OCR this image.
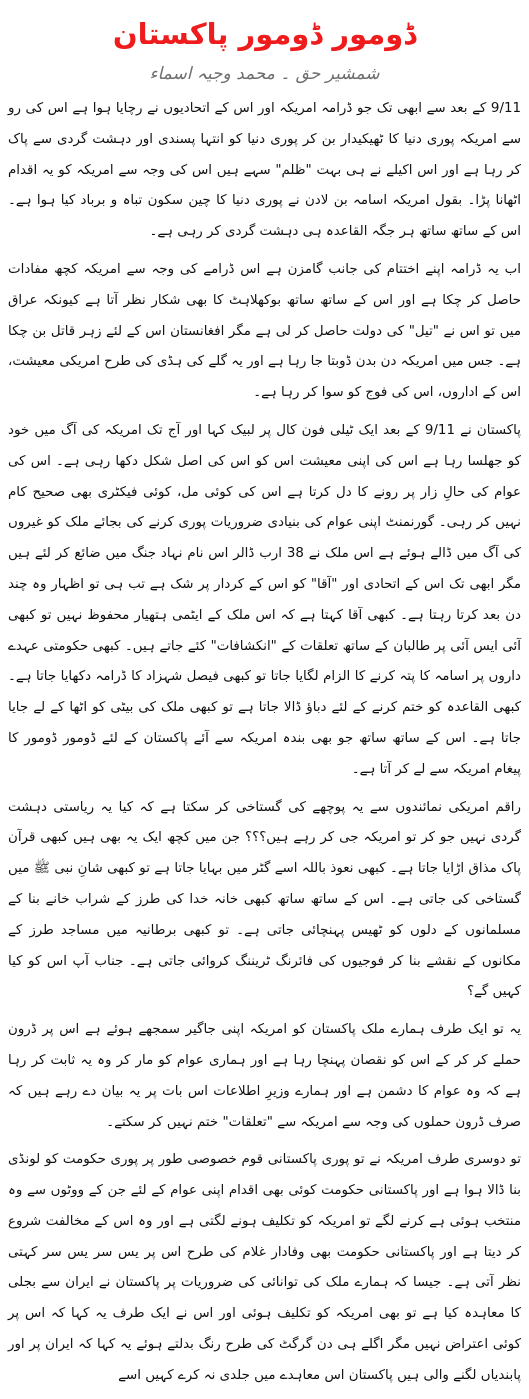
ڈومور ڈومور پاکستان
شمشیر حق ۔ محمد وجیہ اسماء

9/11 کے بعد سے ابھی تک جو ڈرامہ امریکہ اور اس کے اتحادیوں نے رچایا ہوا ہے اس کی رو سے امریکہ پوری دنیا کا ٹھیکیدار بن کر پوری دنیا کو انتہا پسندی اور دہشت گردی سے پاک کر رہا ہے اور اس اکیلے نے ہی بہت "ظلم" سہے ہیں اس کی وجہ سے امریکہ کو یہ اقدام اٹھانا پڑا۔ بقول امریکہ اسامہ بن لادن نے پوری دنیا کا چین سکون تباہ و برباد کیا ہوا ہے۔ اس کے ساتھ ساتھ ہر جگہ القاعدہ ہی دہشت گردی کر رہی ہے۔

اب یہ ڈرامہ اپنے اختتام کی جانب گامزن ہے اس ڈرامے کی وجہ سے امریکہ کچھ مفادات حاصل کر چکا ہے اور اس کے ساتھ ساتھ بوکھلاہٹ کا بھی شکار نظر آتا ہے کیونکہ عراق میں تو اس نے "تیل" کی دولت حاصل کر لی ہے مگر افغانستان اس کے لئے زہر قاتل بن چکا ہے۔ جس میں امریکہ دن بدن ڈوبتا جا رہا ہے اور یہ گلے کی ہڈی کی طرح امریکی معیشت، اس کے اداروں، اس کی فوج کو سوا کر رہا ہے۔

پاکستان نے 9/11 کے بعد ایک ٹیلی فون کال پر لبیک کہا اور آج تک امریکہ کی آگ میں خود کو جھلسا رہا ہے اس کی اپنی معیشت اس کو اس کی اصل شکل دکھا رہی ہے۔ اس کی عوام کی حالِ زار پر رونے کا دل کرتا ہے اس کی کوئی مل، کوئی فیکٹری بھی صحیح کام نہیں کر رہی۔ گورنمنٹ اپنی عوام کی بنیادی ضروریات پوری کرنے کی بجائے ملک کو غیروں کی آگ میں ڈالے ہوئے ہے اس ملک نے 38 ارب ڈالر اس نام نہاد جنگ میں ضائع کر لئے ہیں مگر ابھی تک اس کے اتحادی اور "آقا" کو اس کے کردار پر شک ہے تب ہی تو اظہار وہ چند دن بعد کرتا رہتا ہے۔ کبھی آقا کہتا ہے کہ اس ملک کے ایٹمی ہتھیار محفوظ نہیں تو کبھی آئی ایس آئی پر طالبان کے ساتھ تعلقات کے "انکشافات" کئے جاتے ہیں۔ کبھی حکومتی عہدے داروں پر اسامہ کا پتہ کرنے کا الزام لگایا جاتا تو کبھی فیصل شہزاد کا ڈرامہ دکھایا جاتا ہے۔ کبھی القاعدہ کو ختم کرنے کے لئے دباؤ ڈالا جاتا ہے تو کبھی ملک کی بیٹی کو اٹھا کے لے جایا جاتا ہے۔ اس کے ساتھ ساتھ جو بھی بندہ امریکہ سے آئے پاکستان کے لئے ڈومور ڈومور کا پیغام امریکہ سے لے کر آتا ہے۔

راقم امریکی نمائندوں سے یہ پوچھے کی گستاخی کر سکتا ہے کہ کیا یہ ریاستی دہشت گردی نہیں جو کر تو امریکہ جی کر رہے ہیں؟؟؟ جن میں کچھ ایک یہ بھی ہیں کبھی قرآن پاک مذاق اڑایا جاتا ہے۔ کبھی نعوذ باللہ اسے گٹر میں بہایا جاتا ہے تو کبھی شانِ نبی ﷺ میں گستاخی کی جاتی ہے۔ اس کے ساتھ ساتھ کبھی خانہ خدا کی طرز کے شراب خانے بنا کے مسلمانوں کے دلوں کو ٹھیس پہنچائی جاتی ہے۔ تو کبھی برطانیہ میں مساجد طرز کے مکانوں کے نقشے بنا کر فوجیوں کی فائرنگ ٹریننگ کروائی جاتی ہے۔ جناب آپ اس کو کیا کہیں گے؟

یہ تو ایک طرف ہمارے ملک پاکستان کو امریکہ اپنی جاگیر سمجھے ہوئے ہے اس پر ڈرون حملے کر کر کے اس کو نقصان پہنچا رہا ہے اور ہماری عوام کو مار کر وہ یہ ثابت کر رہا ہے کہ وہ عوام کا دشمن ہے اور ہمارے وزیرِ اطلاعات اس بات پر یہ بیان دے رہے ہیں کہ صرف ڈرون حملوں کی وجہ سے امریکہ سے "تعلقات" ختم نہیں کر سکتے۔

تو دوسری طرف امریکہ نے تو پوری پاکستانی قوم خصوصی طور پر پوری حکومت کو لونڈی بنا ڈالا ہوا ہے اور پاکستانی حکومت کوئی بھی اقدام اپنی عوام کے لئے جن کے ووٹوں سے وہ منتخب ہوئی ہے کرنے لگے تو امریکہ کو تکلیف ہونے لگتی ہے اور وہ اس کے مخالفت شروع کر دیتا ہے اور پاکستانی حکومت بھی وفادار غلام کی طرح اس پر یس سر یس سر کہتی نظر آتی ہے۔ جیسا کہ ہمارے ملک کی توانائی کی ضروریات پر پاکستان نے ایران سے بجلی کا معاہدہ کیا ہے تو بھی امریکہ کو تکلیف ہوئی اور اس نے ایک طرف یہ کہا کہ اس پر کوئی اعتراض نہیں مگر اگلے ہی دن گرگٹ کی طرح رنگ بدلتے ہوئے یہ کہا کہ ایران پر اور پابندیاں لگنے والی ہیں پاکستان اس معاہدے میں جلدی نہ کرے کہیں اسے
